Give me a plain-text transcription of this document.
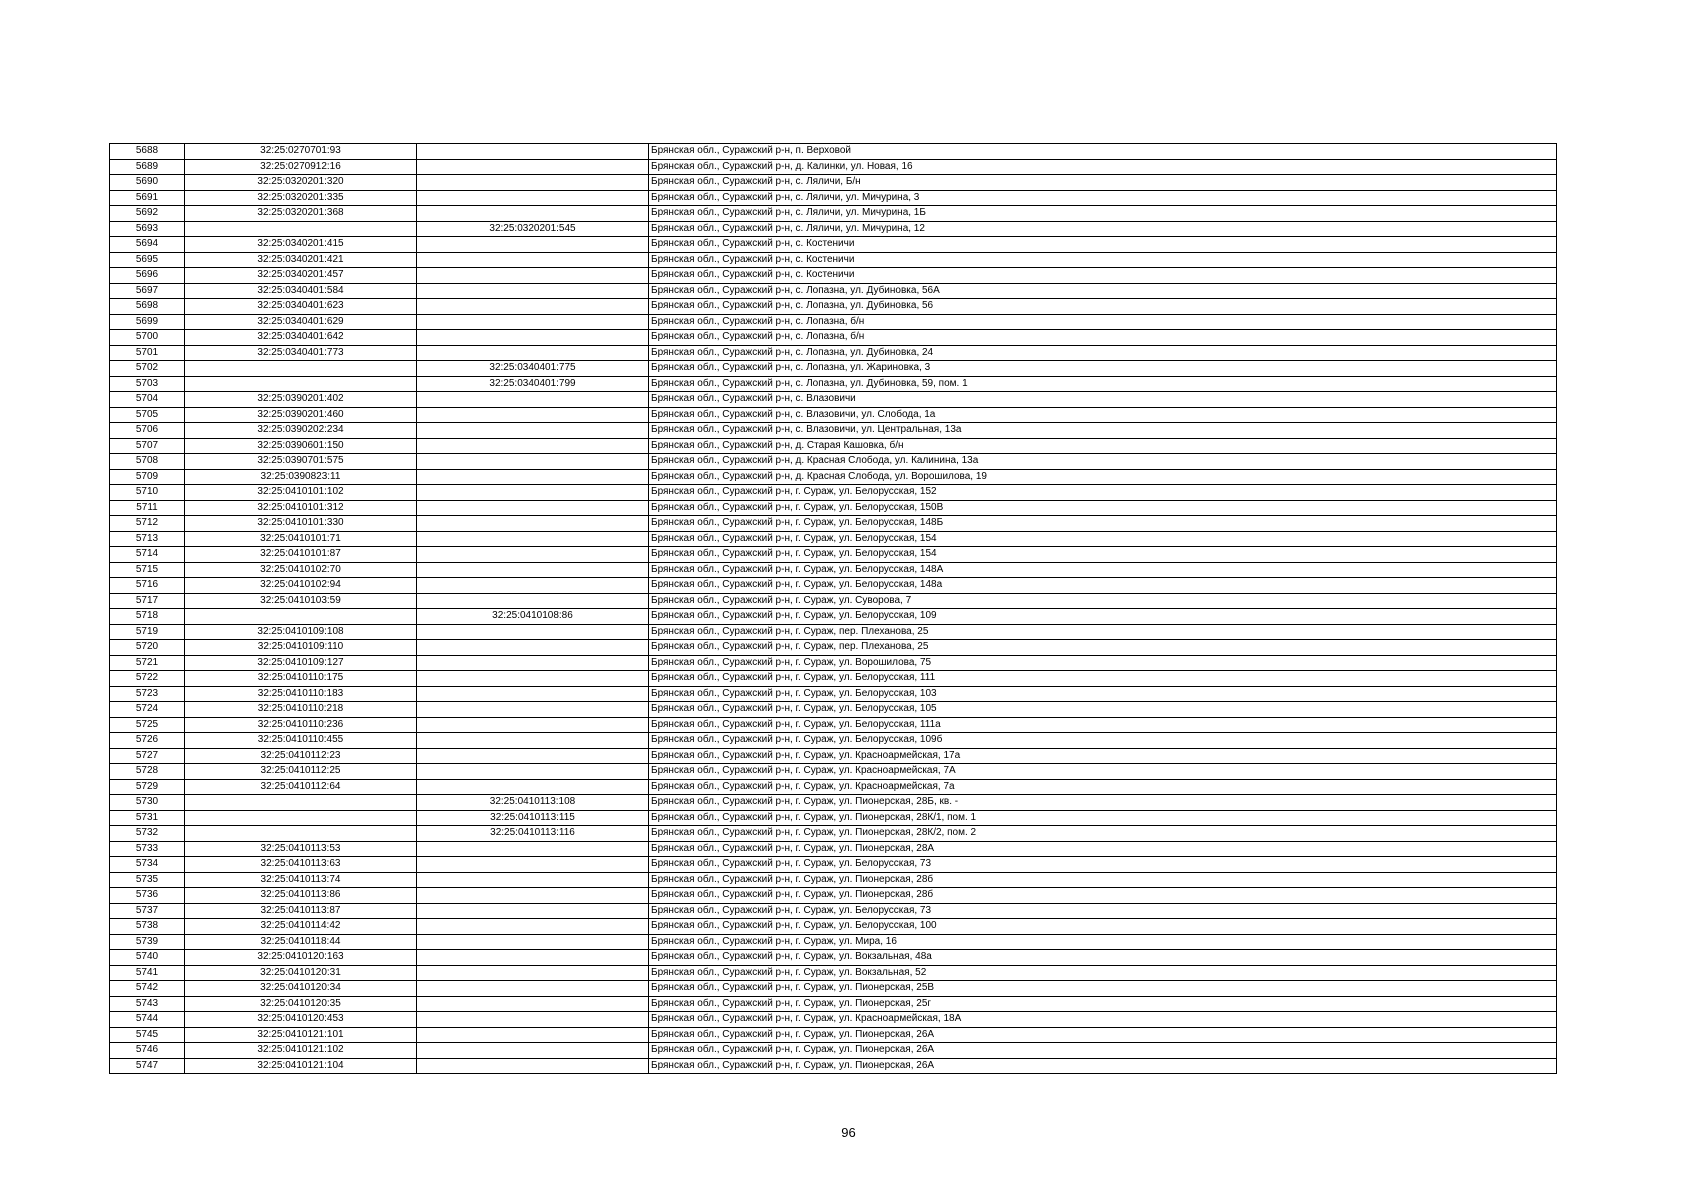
5688	32:25:0270701:93		Брянская обл., Суражский р-н, п. Верховой
5689	32:25:0270912:16		Брянская обл., Суражский р-н, д. Калинки, ул. Новая, 16
5690	32:25:0320201:320		Брянская обл., Суражский р-н, с. Ляличи, Б/н
5691	32:25:0320201:335		Брянская обл., Суражский р-н, с. Ляличи, ул. Мичурина, 3
5692	32:25:0320201:368		Брянская обл., Суражский р-н, с. Ляличи, ул. Мичурина, 1Б
5693		32:25:0320201:545	Брянская обл., Суражский р-н, с. Ляличи, ул. Мичурина, 12
5694	32:25:0340201:415		Брянская обл., Суражский р-н, с. Костеничи
5695	32:25:0340201:421		Брянская обл., Суражский р-н, с. Костеничи
5696	32:25:0340201:457		Брянская обл., Суражский р-н, с. Костеничи
5697	32:25:0340401:584		Брянская обл., Суражский р-н, с. Лопазна, ул. Дубиновка, 56А
5698	32:25:0340401:623		Брянская обл., Суражский р-н, с. Лопазна, ул. Дубиновка, 56
5699	32:25:0340401:629		Брянская обл., Суражский р-н, с. Лопазна, б/н
5700	32:25:0340401:642		Брянская обл., Суражский р-н, с. Лопазна, б/н
5701	32:25:0340401:773		Брянская обл., Суражский р-н, с. Лопазна, ул. Дубиновка, 24
5702		32:25:0340401:775	Брянская обл., Суражский р-н, с. Лопазна, ул. Жариновка, 3
5703		32:25:0340401:799	Брянская обл., Суражский р-н, с. Лопазна, ул. Дубиновка, 59, пом. 1
5704	32:25:0390201:402		Брянская обл., Суражский р-н, с. Влазовичи
5705	32:25:0390201:460		Брянская обл., Суражский р-н, с. Влазовичи, ул. Слобода, 1а
5706	32:25:0390202:234		Брянская обл., Суражский р-н, с. Влазовичи, ул. Центральная, 13а
5707	32:25:0390601:150		Брянская обл., Суражский р-н, д. Старая Кашовка, б/н
5708	32:25:0390701:575		Брянская обл., Суражский р-н, д. Красная Слобода, ул. Калинина, 13а
5709	32:25:0390823:11		Брянская обл., Суражский р-н, д. Красная Слобода, ул. Ворошилова, 19
5710	32:25:0410101:102		Брянская обл., Суражский р-н, г. Сураж, ул. Белорусская, 152
5711	32:25:0410101:312		Брянская обл., Суражский р-н, г. Сураж, ул. Белорусская, 150В
5712	32:25:0410101:330		Брянская обл., Суражский р-н, г. Сураж, ул. Белорусская, 148Б
5713	32:25:0410101:71		Брянская обл., Суражский р-н, г. Сураж, ул. Белорусская, 154
5714	32:25:0410101:87		Брянская обл., Суражский р-н, г. Сураж, ул. Белорусская, 154
5715	32:25:0410102:70		Брянская обл., Суражский р-н, г. Сураж, ул. Белорусская, 148А
5716	32:25:0410102:94		Брянская обл., Суражский р-н, г. Сураж, ул. Белорусская, 148а
5717	32:25:0410103:59		Брянская обл., Суражский р-н, г. Сураж, ул. Суворова, 7
5718		32:25:0410108:86	Брянская обл., Суражский р-н, г. Сураж, ул. Белорусская, 109
5719	32:25:0410109:108		Брянская обл., Суражский р-н, г. Сураж, пер. Плеханова, 25
5720	32:25:0410109:110		Брянская обл., Суражский р-н, г. Сураж, пер. Плеханова, 25
5721	32:25:0410109:127		Брянская обл., Суражский р-н, г. Сураж, ул. Ворошилова, 75
5722	32:25:0410110:175		Брянская обл., Суражский р-н, г. Сураж, ул. Белорусская, 111
5723	32:25:0410110:183		Брянская обл., Суражский р-н, г. Сураж, ул. Белорусская, 103
5724	32:25:0410110:218		Брянская обл., Суражский р-н, г. Сураж, ул. Белорусская, 105
5725	32:25:0410110:236		Брянская обл., Суражский р-н, г. Сураж, ул. Белорусская, 111а
5726	32:25:0410110:455		Брянская обл., Суражский р-н, г. Сураж, ул. Белорусская, 109б
5727	32:25:0410112:23		Брянская обл., Суражский р-н, г. Сураж, ул. Красноармейская, 17а
5728	32:25:0410112:25		Брянская обл., Суражский р-н, г. Сураж, ул. Красноармейская, 7А
5729	32:25:0410112:64		Брянская обл., Суражский р-н, г. Сураж, ул. Красноармейская, 7а
5730		32:25:0410113:108	Брянская обл., Суражский р-н, г. Сураж, ул. Пионерская, 28Б, кв. -
5731		32:25:0410113:115	Брянская обл., Суражский р-н, г. Сураж, ул. Пионерская, 28К/1, пом. 1
5732		32:25:0410113:116	Брянская обл., Суражский р-н, г. Сураж, ул. Пионерская, 28К/2, пом. 2
5733	32:25:0410113:53		Брянская обл., Суражский р-н, г. Сураж, ул. Пионерская, 28А
5734	32:25:0410113:63		Брянская обл., Суражский р-н, г. Сураж, ул. Белорусская, 73
5735	32:25:0410113:74		Брянская обл., Суражский р-н, г. Сураж, ул. Пионерская, 28б
5736	32:25:0410113:86		Брянская обл., Суражский р-н, г. Сураж, ул. Пионерская, 28б
5737	32:25:0410113:87		Брянская обл., Суражский р-н, г. Сураж, ул. Белорусская, 73
5738	32:25:0410114:42		Брянская обл., Суражский р-н, г. Сураж, ул. Белорусская, 100
5739	32:25:0410118:44		Брянская обл., Суражский р-н, г. Сураж, ул. Мира, 16
5740	32:25:0410120:163		Брянская обл., Суражский р-н, г. Сураж, ул. Вокзальная, 48а
5741	32:25:0410120:31		Брянская обл., Суражский р-н, г. Сураж, ул. Вокзальная, 52
5742	32:25:0410120:34		Брянская обл., Суражский р-н, г. Сураж, ул. Пионерская, 25В
5743	32:25:0410120:35		Брянская обл., Суражский р-н, г. Сураж, ул. Пионерская, 25г
5744	32:25:0410120:453		Брянская обл., Суражский р-н, г. Сураж, ул. Красноармейская, 18А
5745	32:25:0410121:101		Брянская обл., Суражский р-н, г. Сураж, ул. Пионерская, 26А
5746	32:25:0410121:102		Брянская обл., Суражский р-н, г. Сураж, ул. Пионерская, 26А
5747	32:25:0410121:104		Брянская обл., Суражский р-н, г. Сураж, ул. Пионерская, 26А
96
